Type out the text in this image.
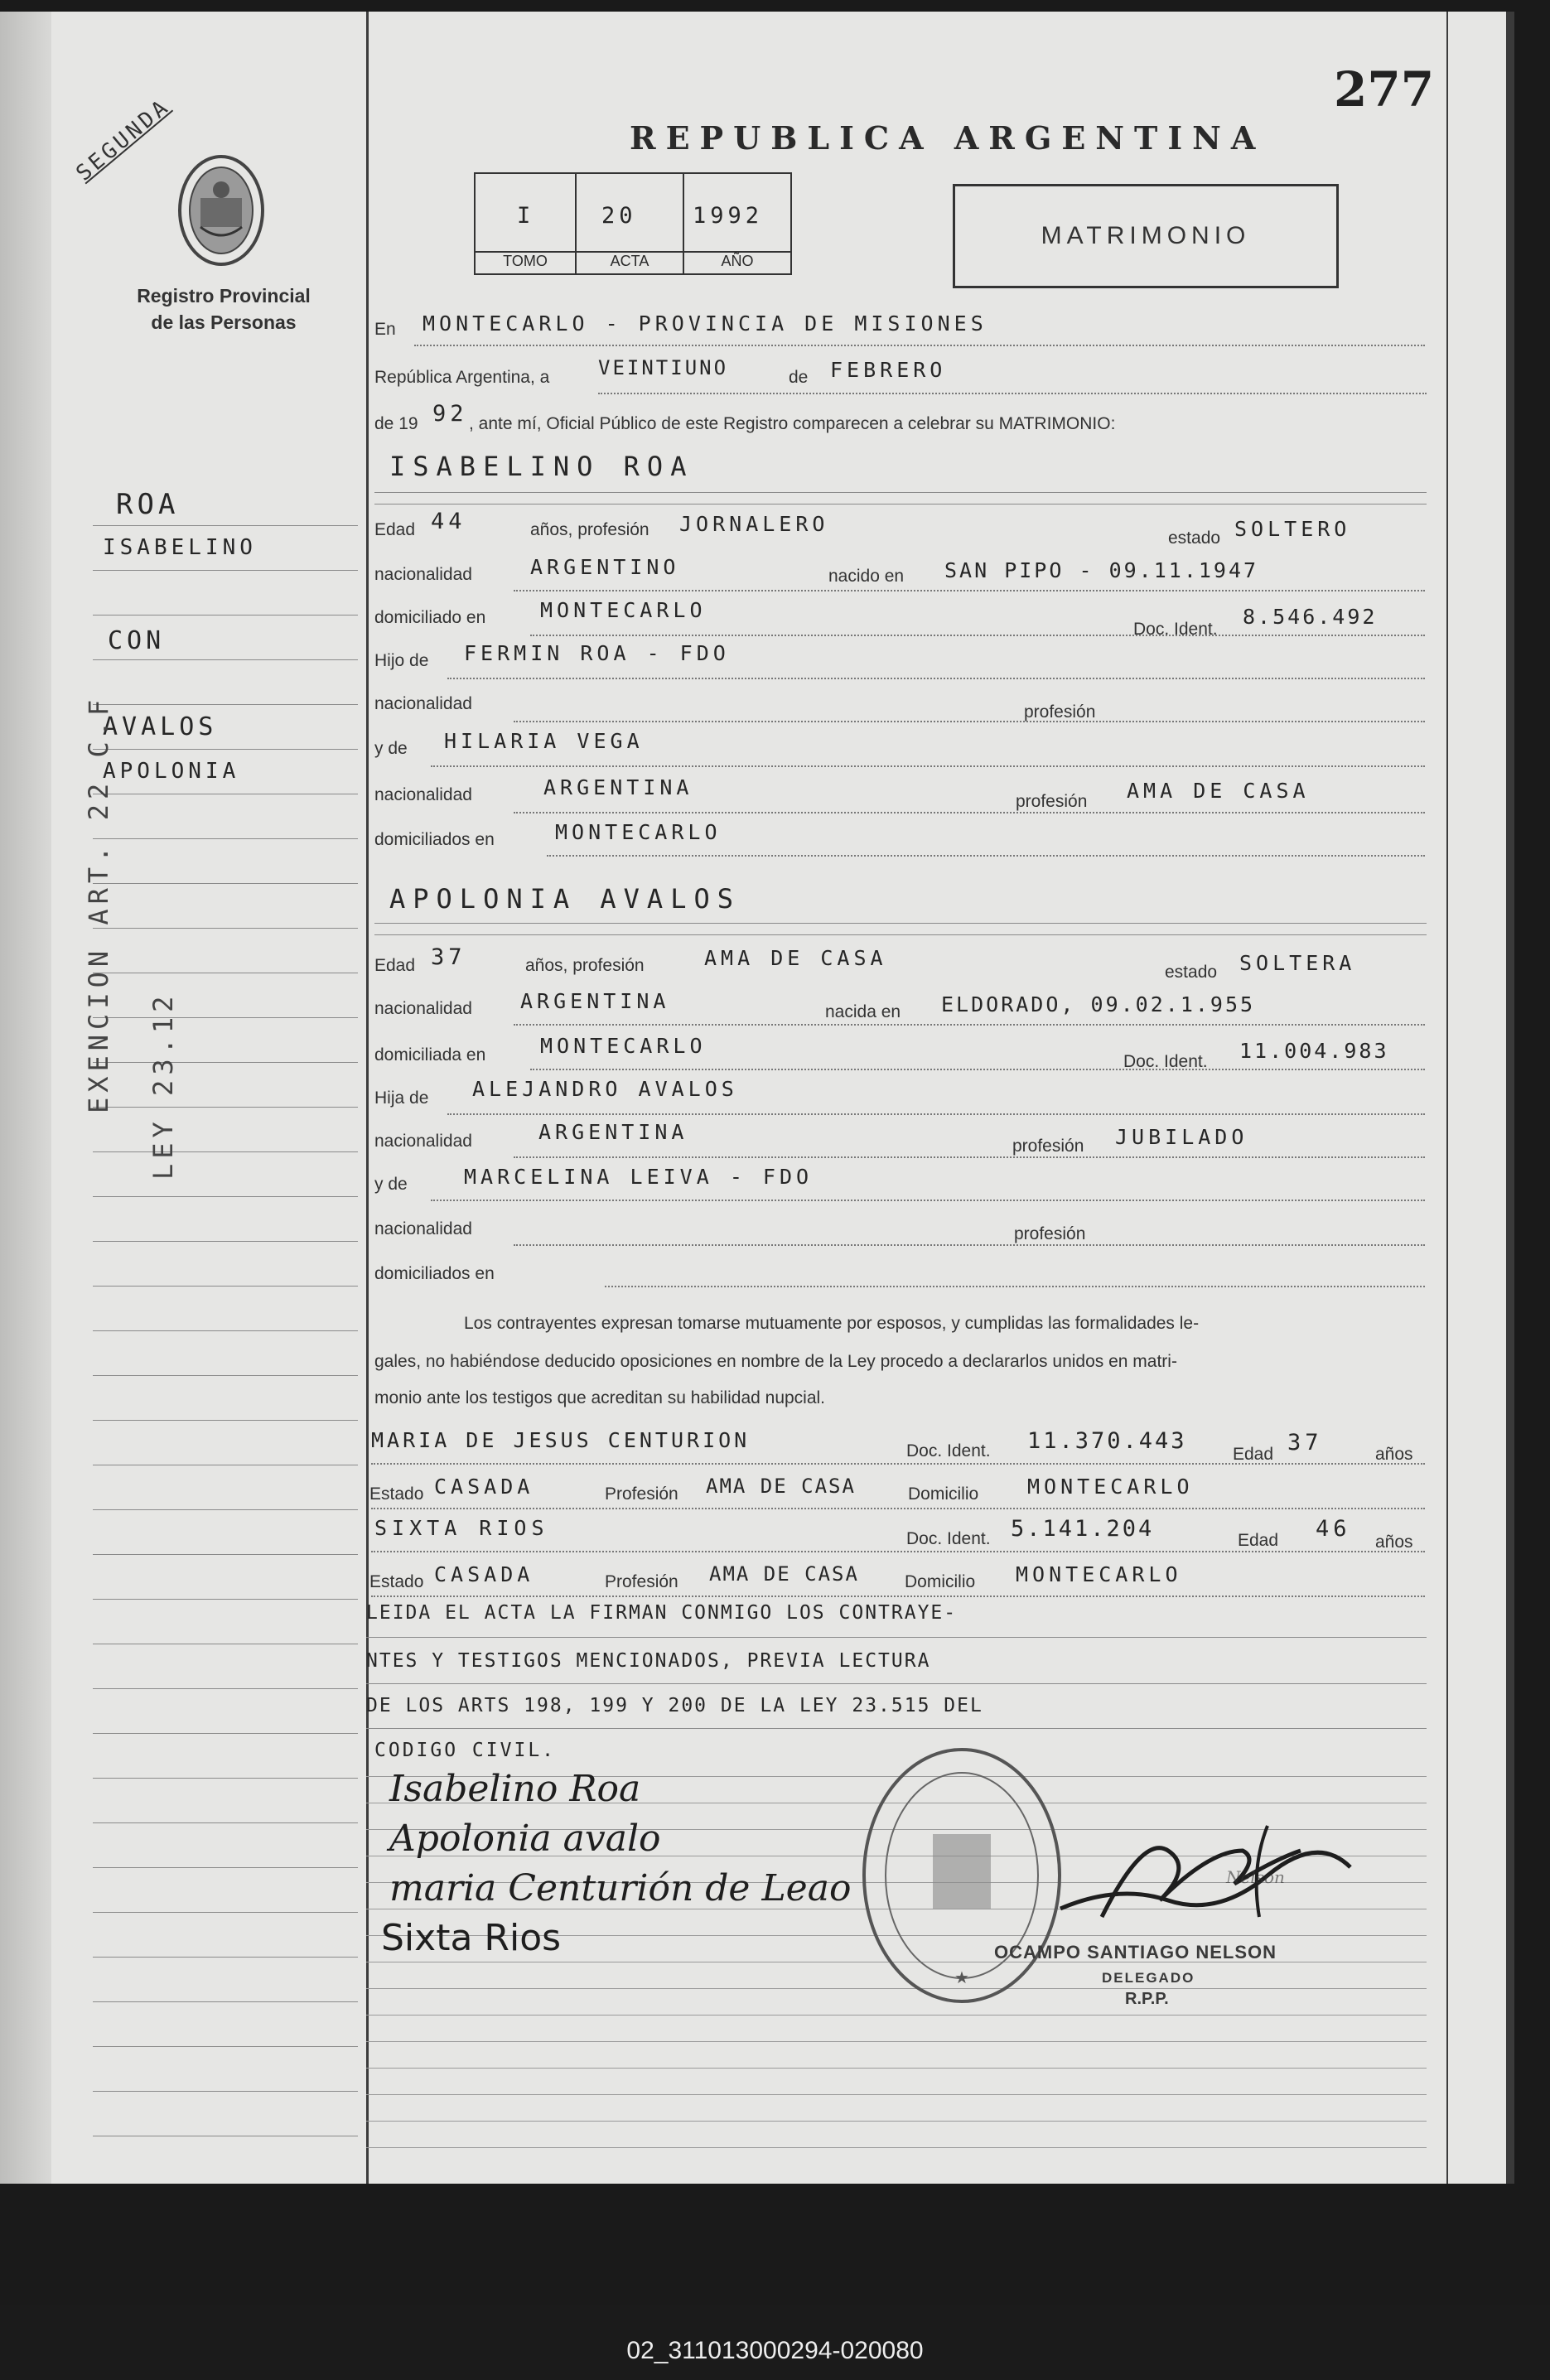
277
SEGUNDA
Registro Provincial
de las Personas
REPUBLICA ARGENTINA
I
TOMO
20
ACTA
1992
AÑO
MATRIMONIO
En MONTECARLO - PROVINCIA DE MISIONES
República Argentina, a VEINTIUNO	de FEBRERO
de 19 92 , ante mí, Oficial Público de este Registro comparecen a celebrar su MATRIMONIO:
ISABELINO ROA
Edad 44	años, profesión JORNALERO
estado SOLTERO
nacionalidad	ARGENTINO	nacido en SAN PIPO - 09.11.1947
domiciliado en	MONTECARLO
Doc. Ident.
8.546.492
Hijo de FERMIN ROA - FDO
nacionalidad	profesión
y de HILARIA VEGA
nacionalidad	ARGENTINA
profesión AMA DE CASA
domiciliados en	MONTECARLO
APOLONIA AVALOS
Edad 37	años, profesión	AMA DE CASA
estado SOLTERA
nacionalidad ARGENTINA	nacida en ELDORADO, 09.02.1.955
domiciliada en	MONTECARLO
Doc. Ident. 11.004.983
Hija de ALEJANDRO AVALOS
nacionalidad	ARGENTINA
profesión JUBILADO
y de	MARCELINA LEIVA - FDO
nacionalidad	profesión
domiciliados en
Los contrayentes expresan tomarse mutuamente por esposos, y cumplidas las formalidades le-
gales, no habiéndose deducido oposiciones en nombre de la Ley procedo a declararlos unidos en matri-
monio ante los testigos que acreditan su habilidad nupcial.
MARIA DE JESUS CENTURION	Doc. Ident. 11.370.443
Edad 37	años
Estado CASADA	Profesión AMA DE CASA	Domicilio MONTECARLO
SIXTA RIOS	Doc. Ident. 5.141.204	Edad 46
años
Estado CASADA	Profesión AMA DE CASA	Domicilio MONTECARLO
LEIDA EL ACTA LA FIRMAN CONMIGO LOS CONTRAYE-
NTES Y TESTIGOS MENCIONADOS, PREVIA LECTURA
DE LOS ARTS 198, 199 Y 200 DE LA LEY 23.515 DEL
CODIGO CIVIL.
Isabelino Roa
Apolonia avalo
maria Centurión de Leao
Sixta Rios
★
Nelson
OCAMPO SANTIAGO NELSON
DELEGADO
R.P.P.
ROA
ISABELINO
CON
AVALOS
APOLONIA
EXENCION ART. 22 C.F LEY 23.12
02_311013000294-020080
